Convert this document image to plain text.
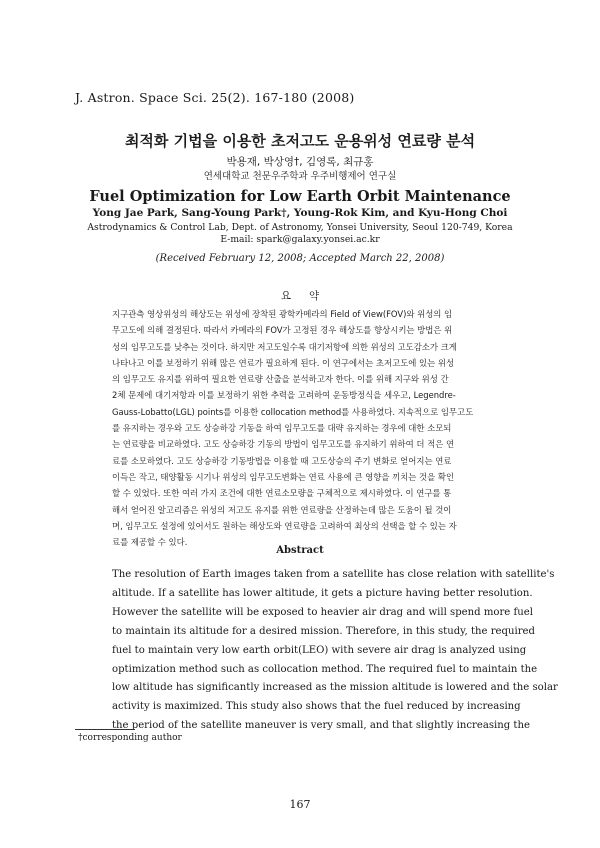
J. Astron. Space Sci. 25(2). 167-180 (2008)
최적화 기법을 이용한 초저고도 운용위성 연료량 분석
박용재, 박상영†, 김영록, 최규홍
연세대학교 천문우주학과 우주비행제어 연구실
Fuel Optimization for Low Earth Orbit Maintenance
Yong Jae Park, Sang-Young Park†, Young-Rok Kim, and Kyu-Hong Choi
Astrodynamics & Control Lab, Dept. of Astronomy, Yonsei University, Seoul 120-749, Korea
E-mail: spark@galaxy.yonsei.ac.kr
(Received February 12, 2008; Accepted March 22, 2008)
요약
지구관측 영상위성의 해상도는 위성에 장착된 광학카메라의 Field of View(FOV)와 위성의 임
무고도에 의해 결정된다. 따라서 카메라의 FOV가 고정된 경우 해상도를 향상시키는 방법은 위
성의 임무고도를 낮추는 것이다. 하지만 저고도일수록 대기저항에 의한 위성의 고도감소가 크게
나타나고 이를 보정하기 위해 많은 연료가 필요하게 된다. 이 연구에서는 초저고도에 있는 위성
의 임무고도 유지를 위하여 필요한 연료량 산출을 분석하고자 한다. 이를 위해 지구와 위성 간
2체 문제에 대기저항과 이를 보정하기 위한 추력을 고려하여 운동방정식을 세우고, Legendre-
Gauss-Lobatto(LGL) points를 이용한 collocation method를 사용하였다. 지속적으로 임무고도
를 유지하는 경우와 고도 상승하강 기동을 하여 임무고도를 대략 유지하는 경우에 대한 소모되
는 연료량을 비교하였다. 고도 상승하강 기동의 방법이 임무고도를 유지하기 위하여 더 적은 연
료를 소모하였다. 고도 상승하강 기동방법을 이용할 때 고도상승의 주기 변화로 얻어지는 연료
이득은 작고, 태양활동 시기나 위성의 임무고도변화는 연료 사용에 큰 영향을 끼치는 것을 확인
할 수 있었다. 또한 여러 가지 조건에 대한 연료소모량을 구체적으로 제시하였다. 이 연구를 통
해서 얻어진 알고리즘은 위성의 저고도 유지를 위한 연료량을 산정하는데 많은 도움이 될 것이
며, 임무고도 설정에 있어서도 원하는 해상도와 연료량을 고려하여 최상의 선택을 할 수 있는 자
료를 제공할 수 있다.
Abstract
The resolution of Earth images taken from a satellite has close relation with satellite's
altitude. If a satellite has lower altitude, it gets a picture having better resolution.
However the satellite will be exposed to heavier air drag and will spend more fuel
to maintain its altitude for a desired mission. Therefore, in this study, the required
fuel to maintain very low earth orbit(LEO) with severe air drag is analyzed using
optimization method such as collocation method. The required fuel to maintain the
low altitude has significantly increased as the mission altitude is lowered and the solar
activity is maximized. This study also shows that the fuel reduced by increasing
the period of the satellite maneuver is very small, and that slightly increasing the
†corresponding author
167
